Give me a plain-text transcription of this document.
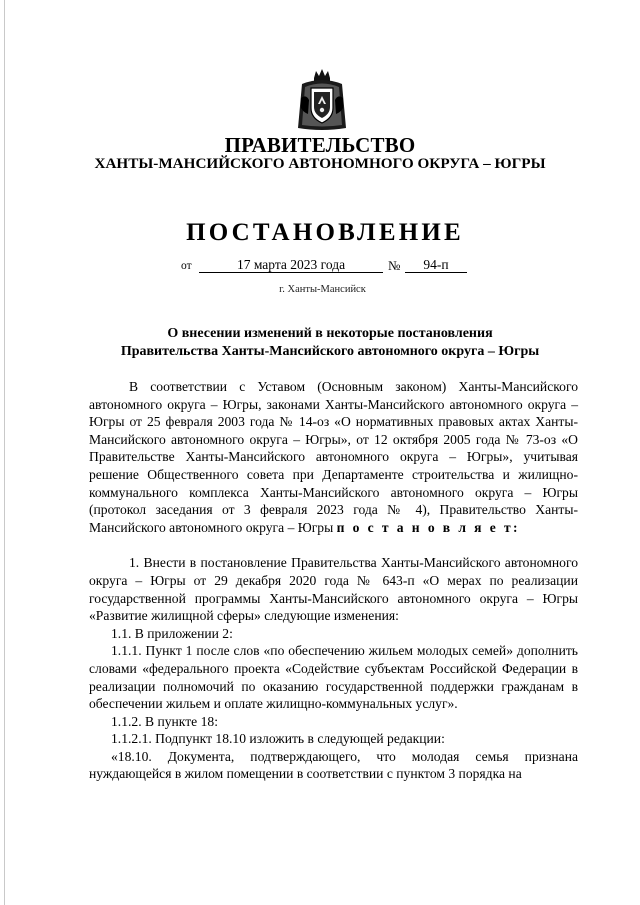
ПРАВИТЕЛЬСТВО
ХАНТЫ-МАНСИЙСКОГО АВТОНОМНОГО ОКРУГА – ЮГРЫ
ПОСТАНОВЛЕНИЕ
от	17 марта 2023 года	№	94-п
г. Ханты-Мансийск
О внесении изменений в некоторые постановления
Правительства Ханты-Мансийского автономного округа – Югры

В соответствии с Уставом (Основным законом) Ханты-Мансийского автономного округа – Югры, законами Ханты-Мансийского автономного округа – Югры от 25 февраля 2003 года № 14-оз «О нормативных правовых актах Ханты-Мансийского автономного округа – Югры», от 12 октября 2005 года № 73-оз «О Правительстве Ханты-Мансийского автономного округа – Югры», учитывая решение Общественного совета при Департаменте строительства и жилищно-коммунального комплекса Ханты-Мансийского автономного округа – Югры (протокол заседания от 3 февраля 2023 года № 4), Правительство Ханты-Мансийского автономного округа – Югры п о с т а н о в л я е т:

1. Внести в постановление Правительства Ханты-Мансийского автономного округа – Югры от 29 декабря 2020 года № 643-п «О мерах по реализации государственной программы Ханты-Мансийского автономного округа – Югры «Развитие жилищной сферы» следующие изменения:

1.1. В приложении 2:

1.1.1. Пункт 1 после слов «по обеспечению жильем молодых семей» дополнить словами «федерального проекта «Содействие субъектам Российской Федерации в реализации полномочий по оказанию государственной поддержки гражданам в обеспечении жильем и оплате жилищно-коммунальных услуг».

1.1.2. В пункте 18:

1.1.2.1. Подпункт 18.10 изложить в следующей редакции:

«18.10. Документа, подтверждающего, что молодая семья признана нуждающейся в жилом помещении в соответствии с пунктом 3 порядка на
